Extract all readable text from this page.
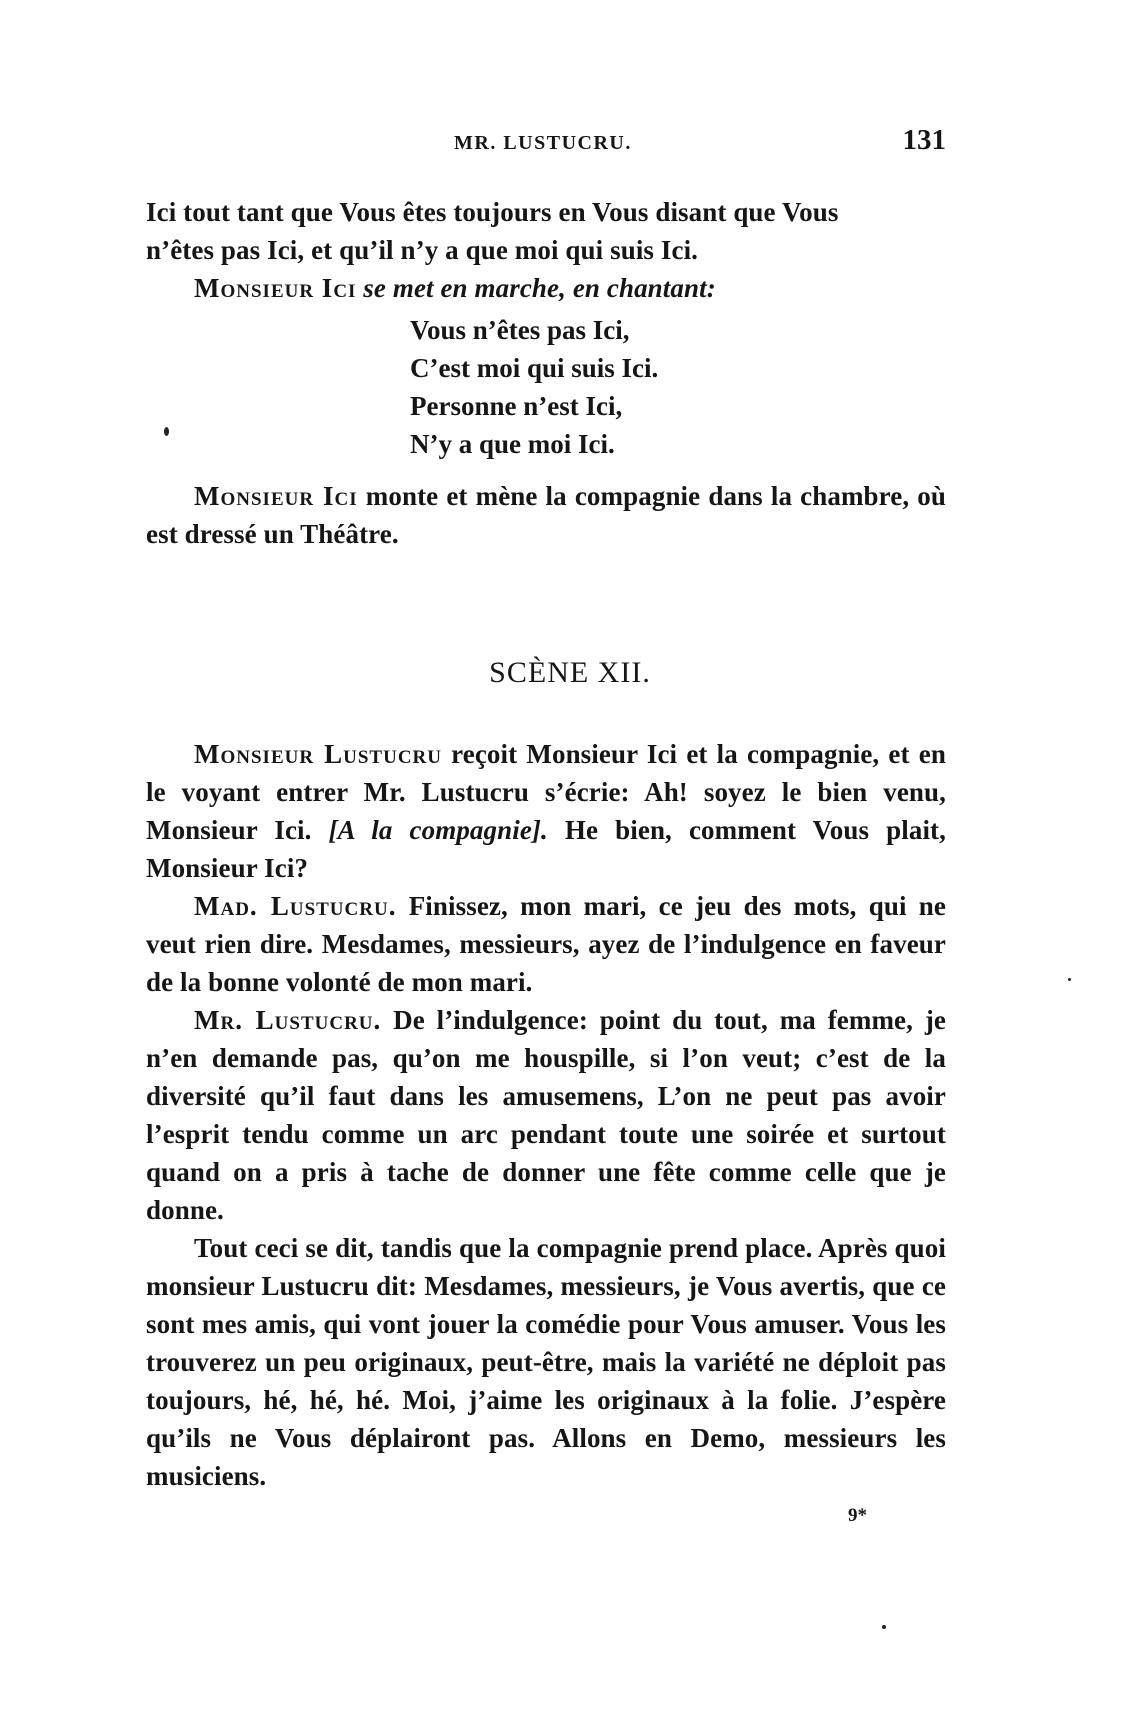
MR. LUSTUCRU.	131
Ici tout tant que Vous êtes toujours en Vous disant que Vous
n’êtes pas Ici, et qu’il n’y a que moi qui suis Ici.
Monsieur Ici se met en marche, en chantant:
Vous n’êtes pas Ici,
C’est moi qui suis Ici.
Personne n’est Ici,
N’y a que moi Ici.

Monsieur Ici monte et mène la compagnie dans la chambre, où est dressé un Théâtre.

SCÈNE XII.

Monsieur Lustucru reçoit Monsieur Ici et la compagnie, et en le voyant entrer Mr. Lustucru s’écrie: Ah! soyez le bien venu, Monsieur Ici. [A la compagnie]. He bien, comment Vous plait, Monsieur Ici?

Mad. Lustucru. Finissez, mon mari, ce jeu des mots, qui ne veut rien dire. Mesdames, messieurs, ayez de l’indulgence en faveur de la bonne volonté de mon mari.

Mr. Lustucru. De l’indulgence: point du tout, ma femme, je n’en demande pas, qu’on me houspille, si l’on veut; c’est de la diversité qu’il faut dans les amusemens, L’on ne peut pas avoir l’esprit tendu comme un arc pendant toute une soirée et surtout quand on a pris à tache de donner une fête comme celle que je donne.

Tout ceci se dit, tandis que la compagnie prend place. Après quoi monsieur Lustucru dit: Mesdames, messieurs, je Vous avertis, que ce sont mes amis, qui vont jouer la comédie pour Vous amuser. Vous les trouverez un peu originaux, peut-être, mais la variété ne déploit pas toujours, hé, hé, hé. Moi, j’aime les originaux à la folie. J’espère qu’ils ne Vous déplairont pas. Allons en Demo, messieurs les musiciens.

9*
